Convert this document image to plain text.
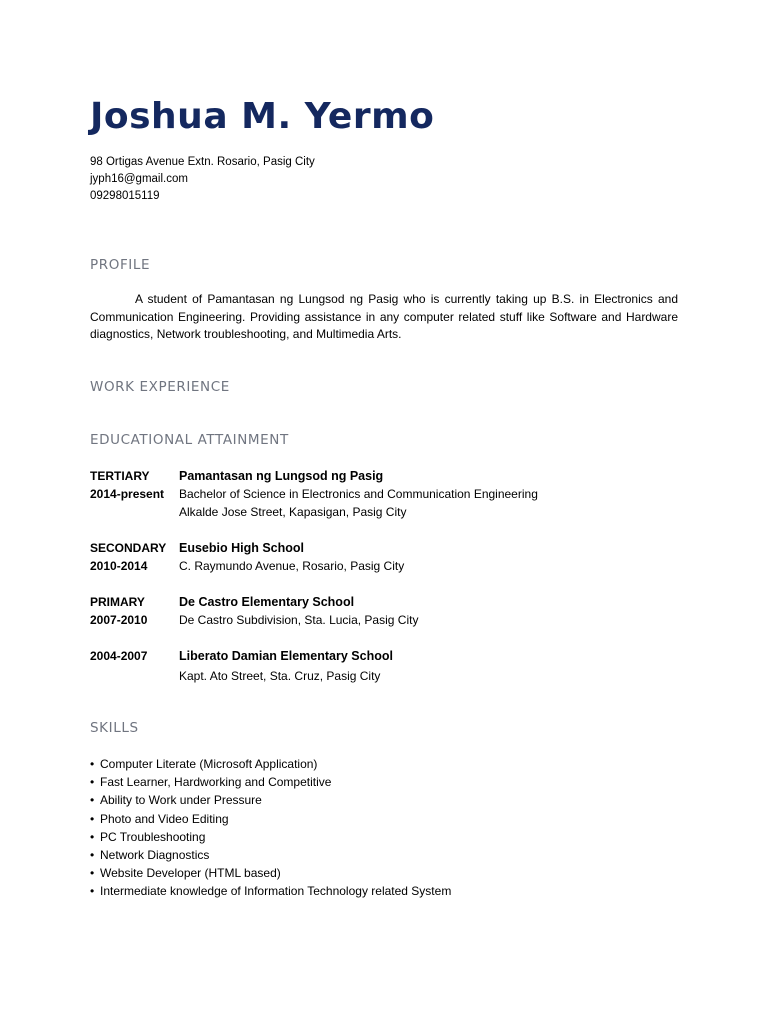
Joshua M. Yermo
98 Ortigas Avenue Extn. Rosario, Pasig City
jyph16@gmail.com
09298015119
PROFILE
A student of Pamantasan ng Lungsod ng Pasig who is currently taking up B.S. in Electronics and Communication Engineering. Providing assistance in any computer related stuff like Software and Hardware diagnostics, Network troubleshooting, and Multimedia Arts.
WORK EXPERIENCE
EDUCATIONAL ATTAINMENT
TERTIARY Pamantasan ng Lungsod ng Pasig
2014-present Bachelor of Science in Electronics and Communication Engineering
Alkalde Jose Street, Kapasigan, Pasig City
SECONDARY Eusebio High School
2010-2014	C. Raymundo Avenue, Rosario, Pasig City
PRIMARY	De Castro Elementary School
2007-2010	De Castro Subdivision, Sta. Lucia, Pasig City
2004-2007	Liberato Damian Elementary School
Kapt. Ato Street, Sta. Cruz, Pasig City
SKILLS
• Computer Literate (Microsoft Application)
• Fast Learner, Hardworking and Competitive
• Ability to Work under Pressure
• Photo and Video Editing
• PC Troubleshooting
• Network Diagnostics
• Website Developer (HTML based)
• Intermediate knowledge of Information Technology related System
